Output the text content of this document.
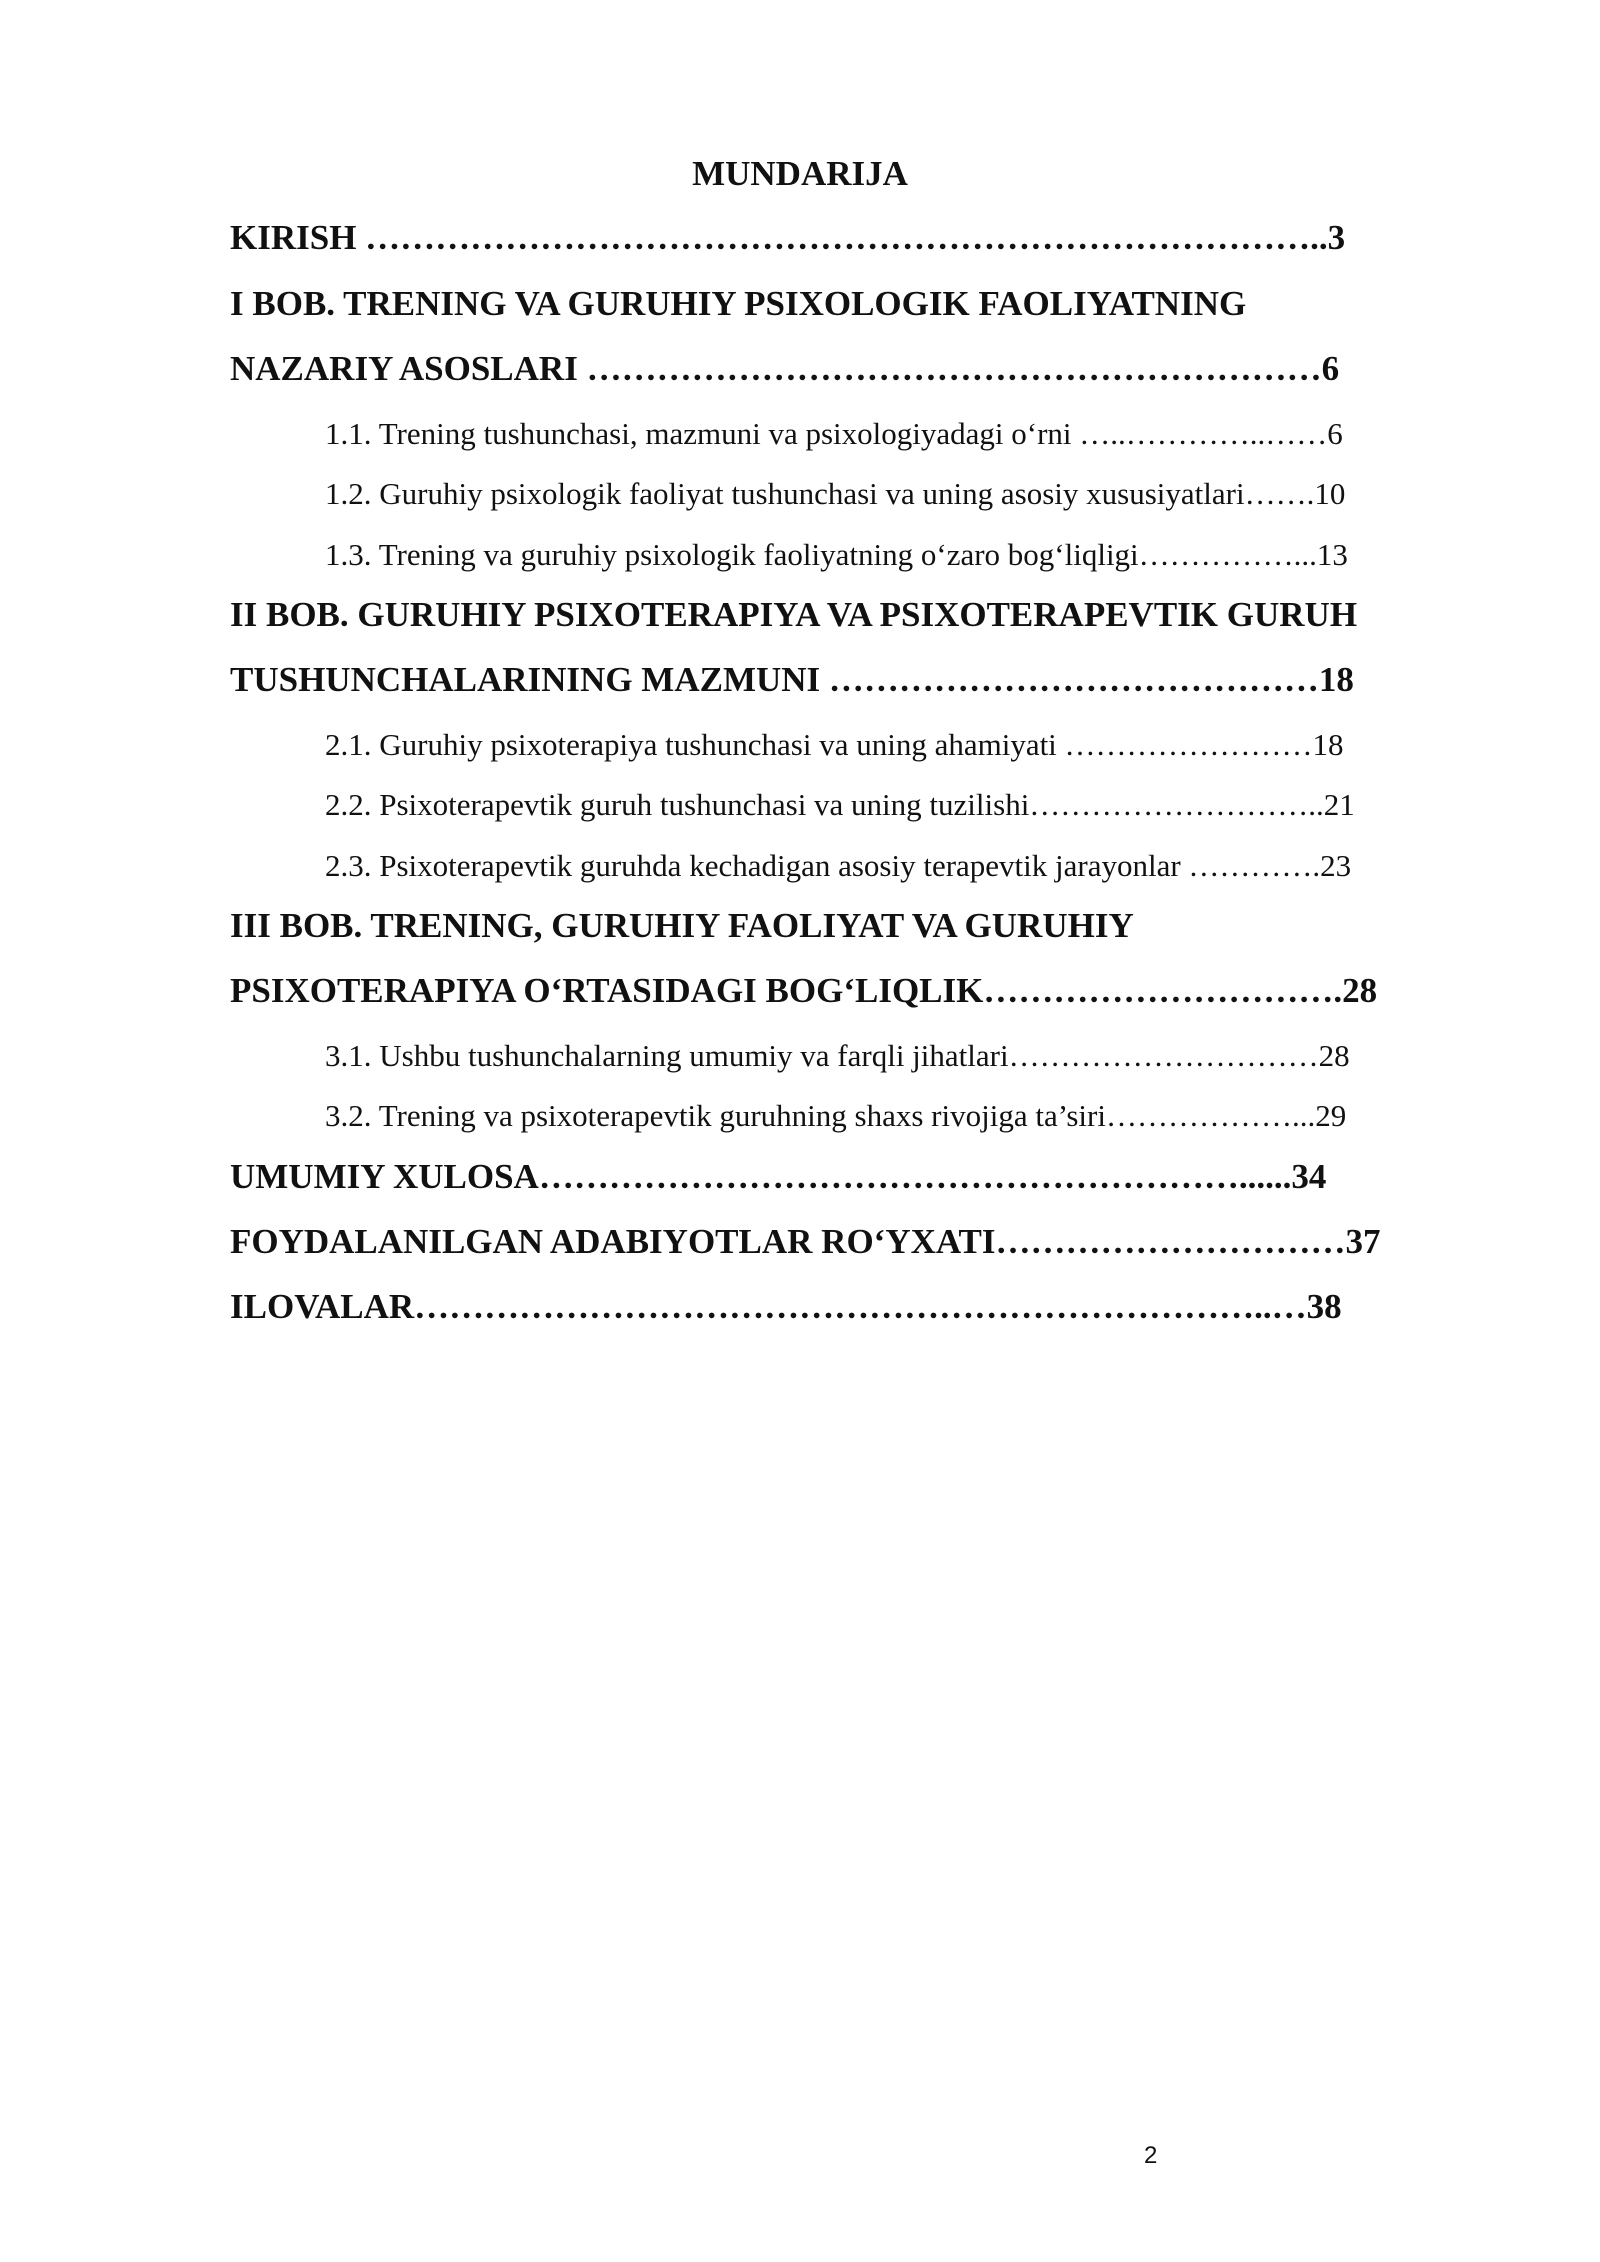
MUNDARIJA
KIRISH ………………………………………………………………………..3
I BOB. TRENING VA GURUHIY PSIXOLOGIK FAOLIYATNING
NAZARIY ASOSLARI ………………………………………………………6
1.1. Trening tushunchasi, mazmuni va psixologiyadagi o‘rni …..…………..……6
1.2. Guruhiy psixologik faoliyat tushunchasi va uning asosiy xususiyatlari…….10
1.3. Trening va guruhiy psixologik faoliyatning o‘zaro bog‘liqligi……………...13
II BOB. GURUHIY PSIXOTERAPIYA VA PSIXOTERAPEVTIK GURUH
TUSHUNCHALARINING MAZMUNI ……………………………………18
2.1. Guruhiy psixoterapiya tushunchasi va uning ahamiyati ……………………18
2.2. Psixoterapevtik guruh tushunchasi va uning tuzilishi………………………..21
2.3. Psixoterapevtik guruhda kechadigan asosiy terapevtik jarayonlar ………….23
III BOB. TRENING, GURUHIY FAOLIYAT VA GURUHIY
PSIXOTERAPIYA O‘RTASIDAGI BOG‘LIQLIK………………………….28
3.1. Ushbu tushunchalarning umumiy va farqli jihatlari…………………………28
3.2. Trening va psixoterapevtik guruhning shaxs rivojiga ta’siri………………...29
UMUMIY XULOSA……………………………………………………......34
FOYDALANILGAN ADABIYOTLAR RO‘YXATI…………………………37
ILOVALAR………………………………………………………………..…38
2
